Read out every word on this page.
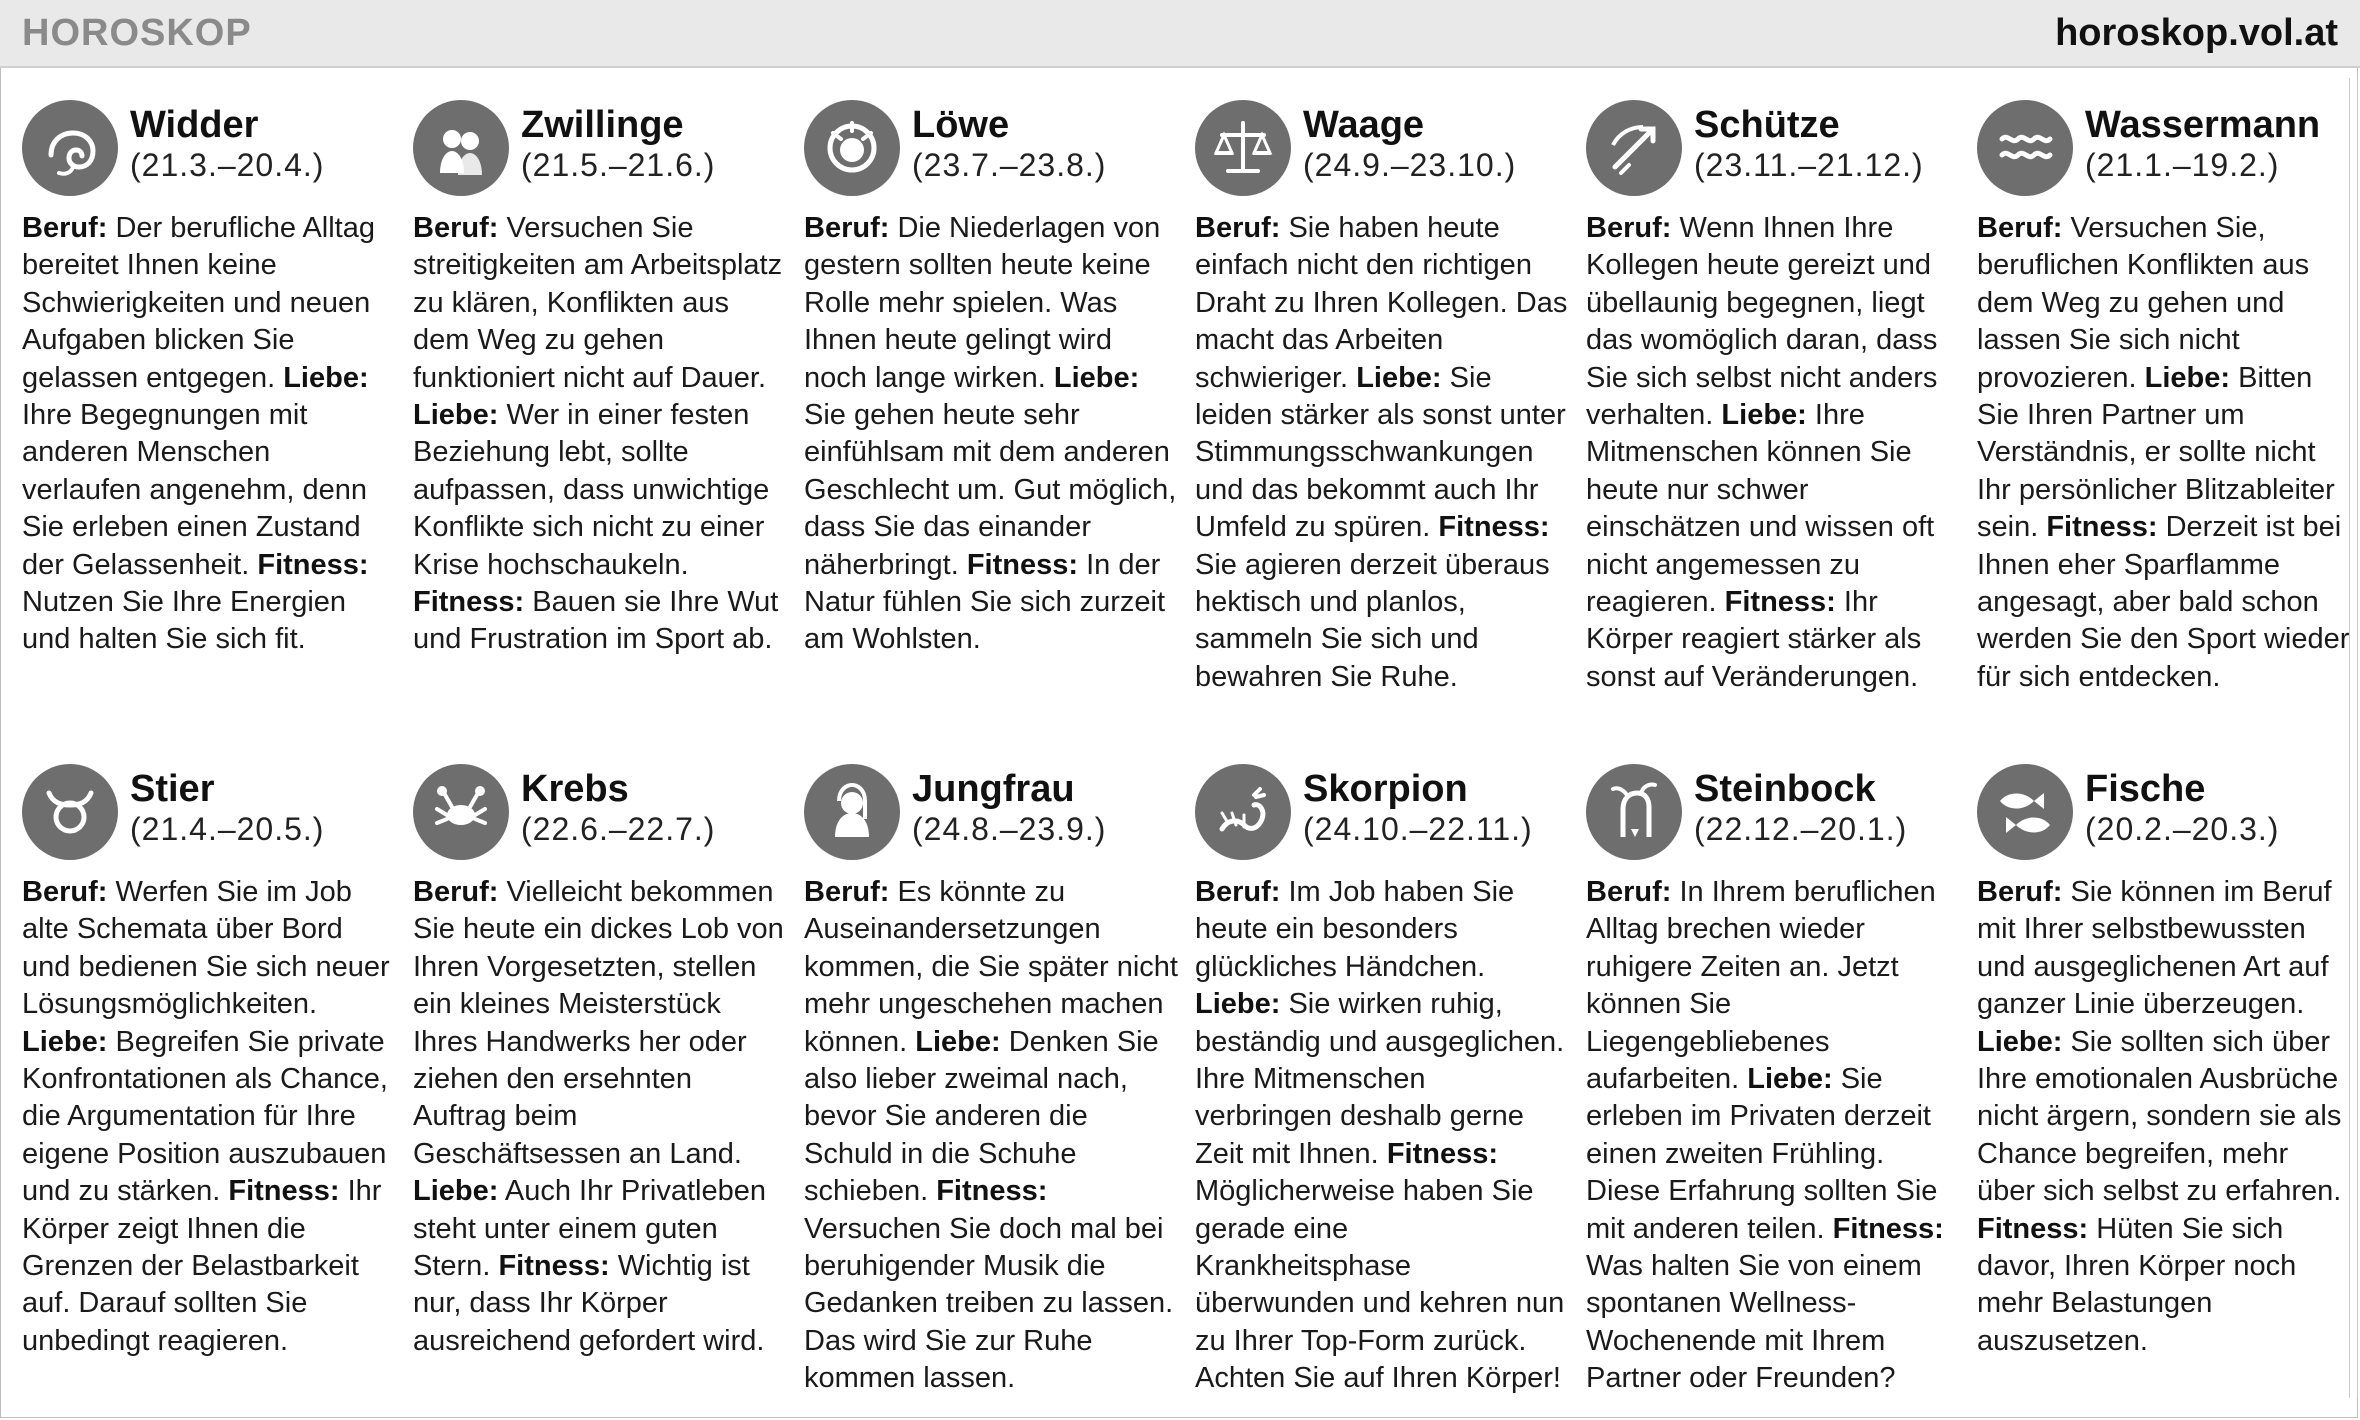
HOROSKOP	horoskop.vol.at
Widder
(21.3.–20.4.)
Beruf: Der berufliche Alltag bereitet Ihnen keine Schwierigkeiten und neuen Aufgaben blicken Sie gelassen entgegen. Liebe: Ihre Begegnungen mit anderen Menschen verlaufen angenehm, denn Sie erleben einen Zustand der Gelassenheit. Fitness: Nutzen Sie Ihre Energien und halten Sie sich fit.
Zwillinge
(21.5.–21.6.)
Beruf: Versuchen Sie streitigkeiten am Arbeitsplatz zu klären, Konflikten aus dem Weg zu gehen funktioniert nicht auf Dauer. Liebe: Wer in einer festen Beziehung lebt, sollte aufpassen, dass unwichtige Konflikte sich nicht zu einer Krise hochschaukeln. Fitness: Bauen sie Ihre Wut und Frustration im Sport ab.
Löwe
(23.7.–23.8.)
Beruf: Die Niederlagen von gestern sollten heute keine Rolle mehr spielen. Was Ihnen heute gelingt wird noch lange wirken. Liebe: Sie gehen heute sehr einfühlsam mit dem anderen Geschlecht um. Gut möglich, dass Sie das einander näherbringt. Fitness: In der Natur fühlen Sie sich zurzeit am Wohlsten.
Waage
(24.9.–23.10.)
Beruf: Sie haben heute einfach nicht den richtigen Draht zu Ihren Kollegen. Das macht das Arbeiten schwieriger. Liebe: Sie leiden stärker als sonst unter Stimmungsschwankungen und das bekommt auch Ihr Umfeld zu spüren. Fitness: Sie agieren derzeit überaus hektisch und planlos, sammeln Sie sich und bewahren Sie Ruhe.
Schütze
(23.11.–21.12.)
Beruf: Wenn Ihnen Ihre Kollegen heute gereizt und übellaunig begegnen, liegt das womöglich daran, dass Sie sich selbst nicht anders verhalten. Liebe: Ihre Mitmenschen können Sie heute nur schwer einschätzen und wissen oft nicht angemessen zu reagieren. Fitness: Ihr Körper reagiert stärker als sonst auf Veränderungen.
Wassermann
(21.1.–19.2.)
Beruf: Versuchen Sie, beruflichen Konflikten aus dem Weg zu gehen und lassen Sie sich nicht provozieren. Liebe: Bitten Sie Ihren Partner um Verständnis, er sollte nicht Ihr persönlicher Blitzableiter sein. Fitness: Derzeit ist bei Ihnen eher Sparflamme angesagt, aber bald schon werden Sie den Sport wieder für sich entdecken.
Stier
(21.4.–20.5.)
Beruf: Werfen Sie im Job alte Schemata über Bord und bedienen Sie sich neuer Lösungsmöglichkeiten. Liebe: Begreifen Sie private Konfrontationen als Chance, die Argumentation für Ihre eigene Position auszubauen und zu stärken. Fitness: Ihr Körper zeigt Ihnen die Grenzen der Belastbarkeit auf. Darauf sollten Sie unbedingt reagieren.
Krebs
(22.6.–22.7.)
Beruf: Vielleicht bekommen Sie heute ein dickes Lob von Ihren Vorgesetzten, stellen ein kleines Meisterstück Ihres Handwerks her oder ziehen den ersehnten Auftrag beim Geschäftsessen an Land. Liebe: Auch Ihr Privatleben steht unter einem guten Stern. Fitness: Wichtig ist nur, dass Ihr Körper ausreichend gefordert wird.
Jungfrau
(24.8.–23.9.)
Beruf: Es könnte zu Auseinandersetzungen kommen, die Sie später nicht mehr ungeschehen machen können. Liebe: Denken Sie also lieber zweimal nach, bevor Sie anderen die Schuld in die Schuhe schieben. Fitness: Versuchen Sie doch mal bei beruhigender Musik die Gedanken treiben zu lassen. Das wird Sie zur Ruhe kommen lassen.
Skorpion
(24.10.–22.11.)
Beruf: Im Job haben Sie heute ein besonders glückliches Händchen. Liebe: Sie wirken ruhig, beständig und ausgeglichen. Ihre Mitmenschen verbringen deshalb gerne Zeit mit Ihnen. Fitness: Möglicherweise haben Sie gerade eine Krankheitsphase überwunden und kehren nun zu Ihrer Top-Form zurück. Achten Sie auf Ihren Körper!
Steinbock
(22.12.–20.1.)
Beruf: In Ihrem beruflichen Alltag brechen wieder ruhigere Zeiten an. Jetzt können Sie Liegengebliebenes aufarbeiten. Liebe: Sie erleben im Privaten derzeit einen zweiten Frühling. Diese Erfahrung sollten Sie mit anderen teilen. Fitness: Was halten Sie von einem spontanen Wellness-Wochenende mit Ihrem Partner oder Freunden?
Fische
(20.2.–20.3.)
Beruf: Sie können im Beruf mit Ihrer selbstbewussten und ausgeglichenen Art auf ganzer Linie überzeugen. Liebe: Sie sollten sich über Ihre emotionalen Ausbrüche nicht ärgern, sondern sie als Chance begreifen, mehr über sich selbst zu erfahren. Fitness: Hüten Sie sich davor, Ihren Körper noch mehr Belastungen auszusetzen.
